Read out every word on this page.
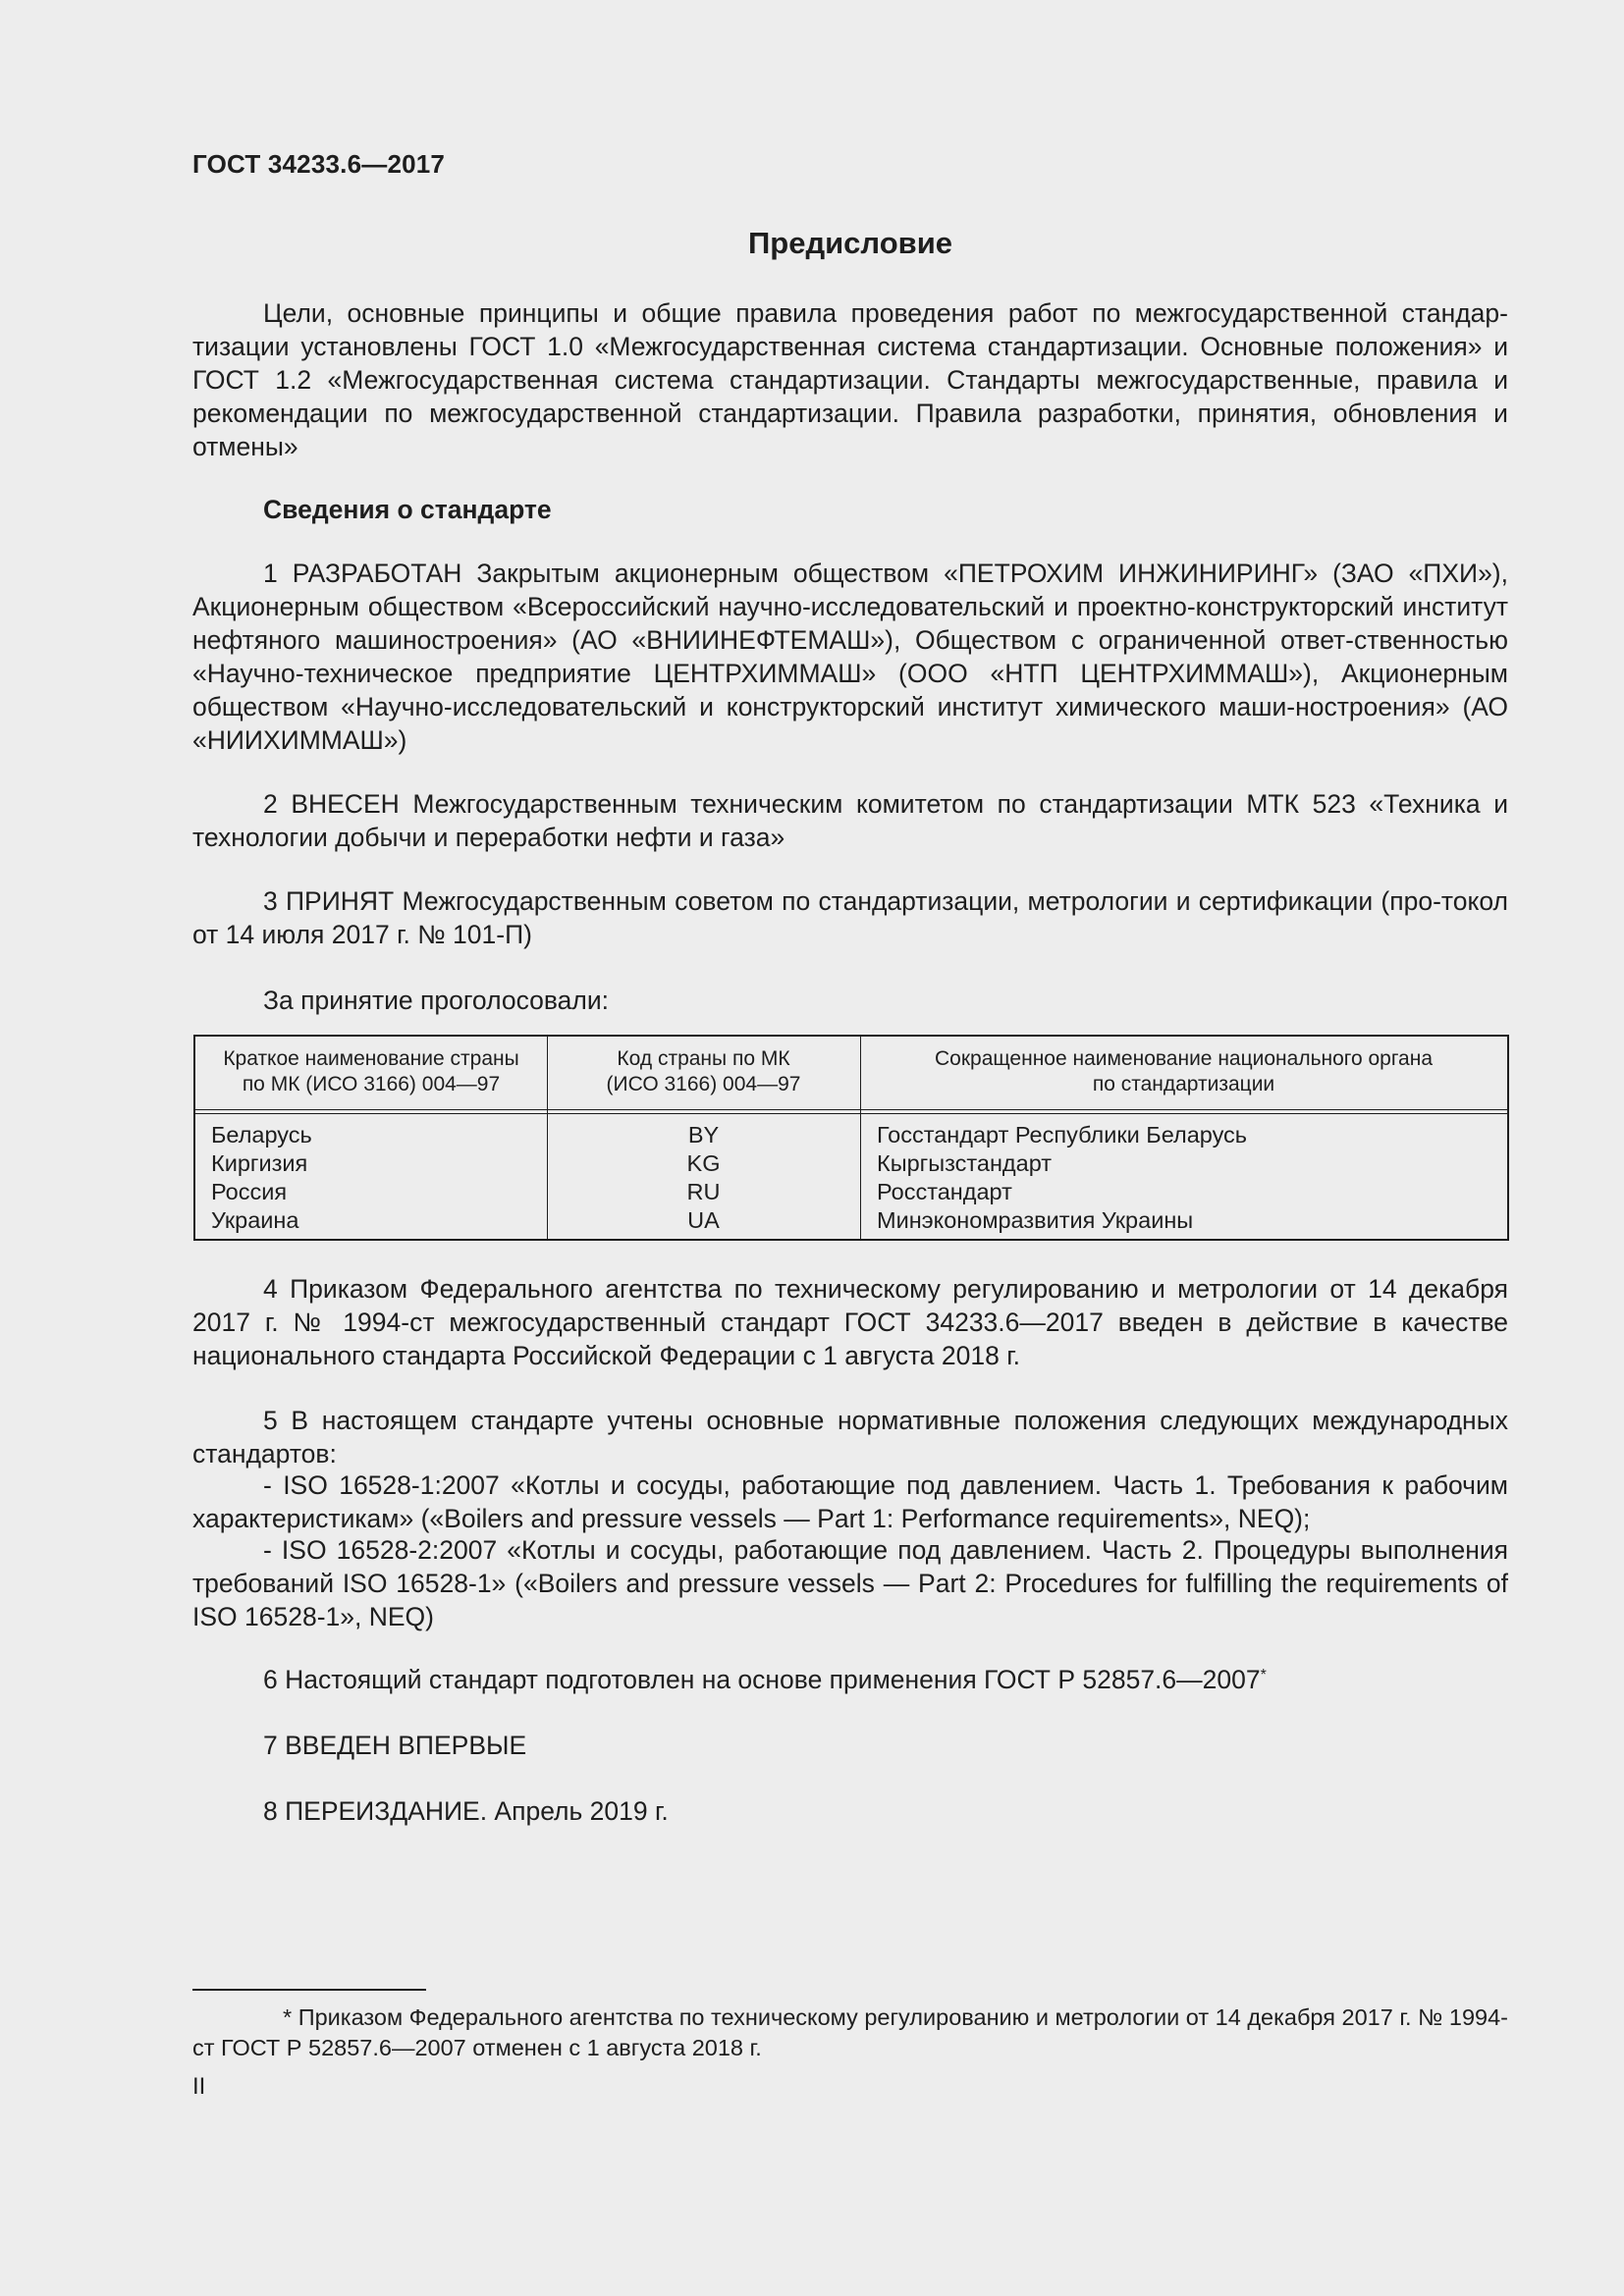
ГОСТ 34233.6—2017
Предисловие

Цели, основные принципы и общие правила проведения работ по межгосударственной стандар-тизации установлены ГОСТ 1.0 «Межгосударственная система стандартизации. Основные положения» и ГОСТ 1.2 «Межгосударственная система стандартизации. Стандарты межгосударственные, правила и рекомендации по межгосударственной стандартизации. Правила разработки, принятия, обновления и отмены»

Сведения о стандарте

1 РАЗРАБОТАН Закрытым акционерным обществом «ПЕТРОХИМ ИНЖИНИРИНГ» (ЗАО «ПХИ»), Акционерным обществом «Всероссийский научно-исследовательский и проектно-конструкторский институт нефтяного машиностроения» (АО «ВНИИНЕФТЕМАШ»), Обществом с ограниченной ответ-ственностью «Научно-техническое предприятие ЦЕНТРХИММАШ» (ООО «НТП ЦЕНТРХИММАШ»), Акционерным обществом «Научно-исследовательский и конструкторский институт химического маши-ностроения» (АО «НИИХИММАШ»)

2 ВНЕСЕН Межгосударственным техническим комитетом по стандартизации МТК 523 «Техника и технологии добычи и переработки нефти и газа»

3 ПРИНЯТ Межгосударственным советом по стандартизации, метрологии и сертификации (про-токол от 14 июля 2017 г. № 101-П)

За принятие проголосовали:

Краткое наименование страны
по МК (ИСО 3166) 004—97
Код страны по МК
(ИСО 3166) 004—97
Сокращенное наименование национального органа
по стандартизации
Беларусь
Киргизия
Россия
Украина
BY
KG
RU
UA
Госстандарт Республики Беларусь
Кыргызстандарт
Росстандарт
Минэкономразвития Украины

4 Приказом Федерального агентства по техническому регулированию и метрологии от 14 декабря 2017 г. № 1994-ст межгосударственный стандарт ГОСТ 34233.6—2017 введен в действие в качестве национального стандарта Российской Федерации с 1 августа 2018 г.

5 В настоящем стандарте учтены основные нормативные положения следующих международных стандартов:

- ISO 16528-1:2007 «Котлы и сосуды, работающие под давлением. Часть 1. Требования к рабочим характеристикам» («Boilers and pressure vessels — Part 1: Performance requirements», NEQ);

- ISO 16528-2:2007 «Котлы и сосуды, работающие под давлением. Часть 2. Процедуры выполнения требований ISO 16528-1» («Boilers and pressure vessels — Part 2: Procedures for fulfilling the requirements of ISO 16528-1», NEQ)

6 Настоящий стандарт подготовлен на основе применения ГОСТ Р 52857.6—2007*

7 ВВЕДЕН ВПЕРВЫЕ

8 ПЕРЕИЗДАНИЕ. Апрель 2019 г.

* Приказом Федерального агентства по техническому регулированию и метрологии от 14 декабря 2017 г. № 1994-ст ГОСТ Р 52857.6—2007 отменен с 1 августа 2018 г.

II
